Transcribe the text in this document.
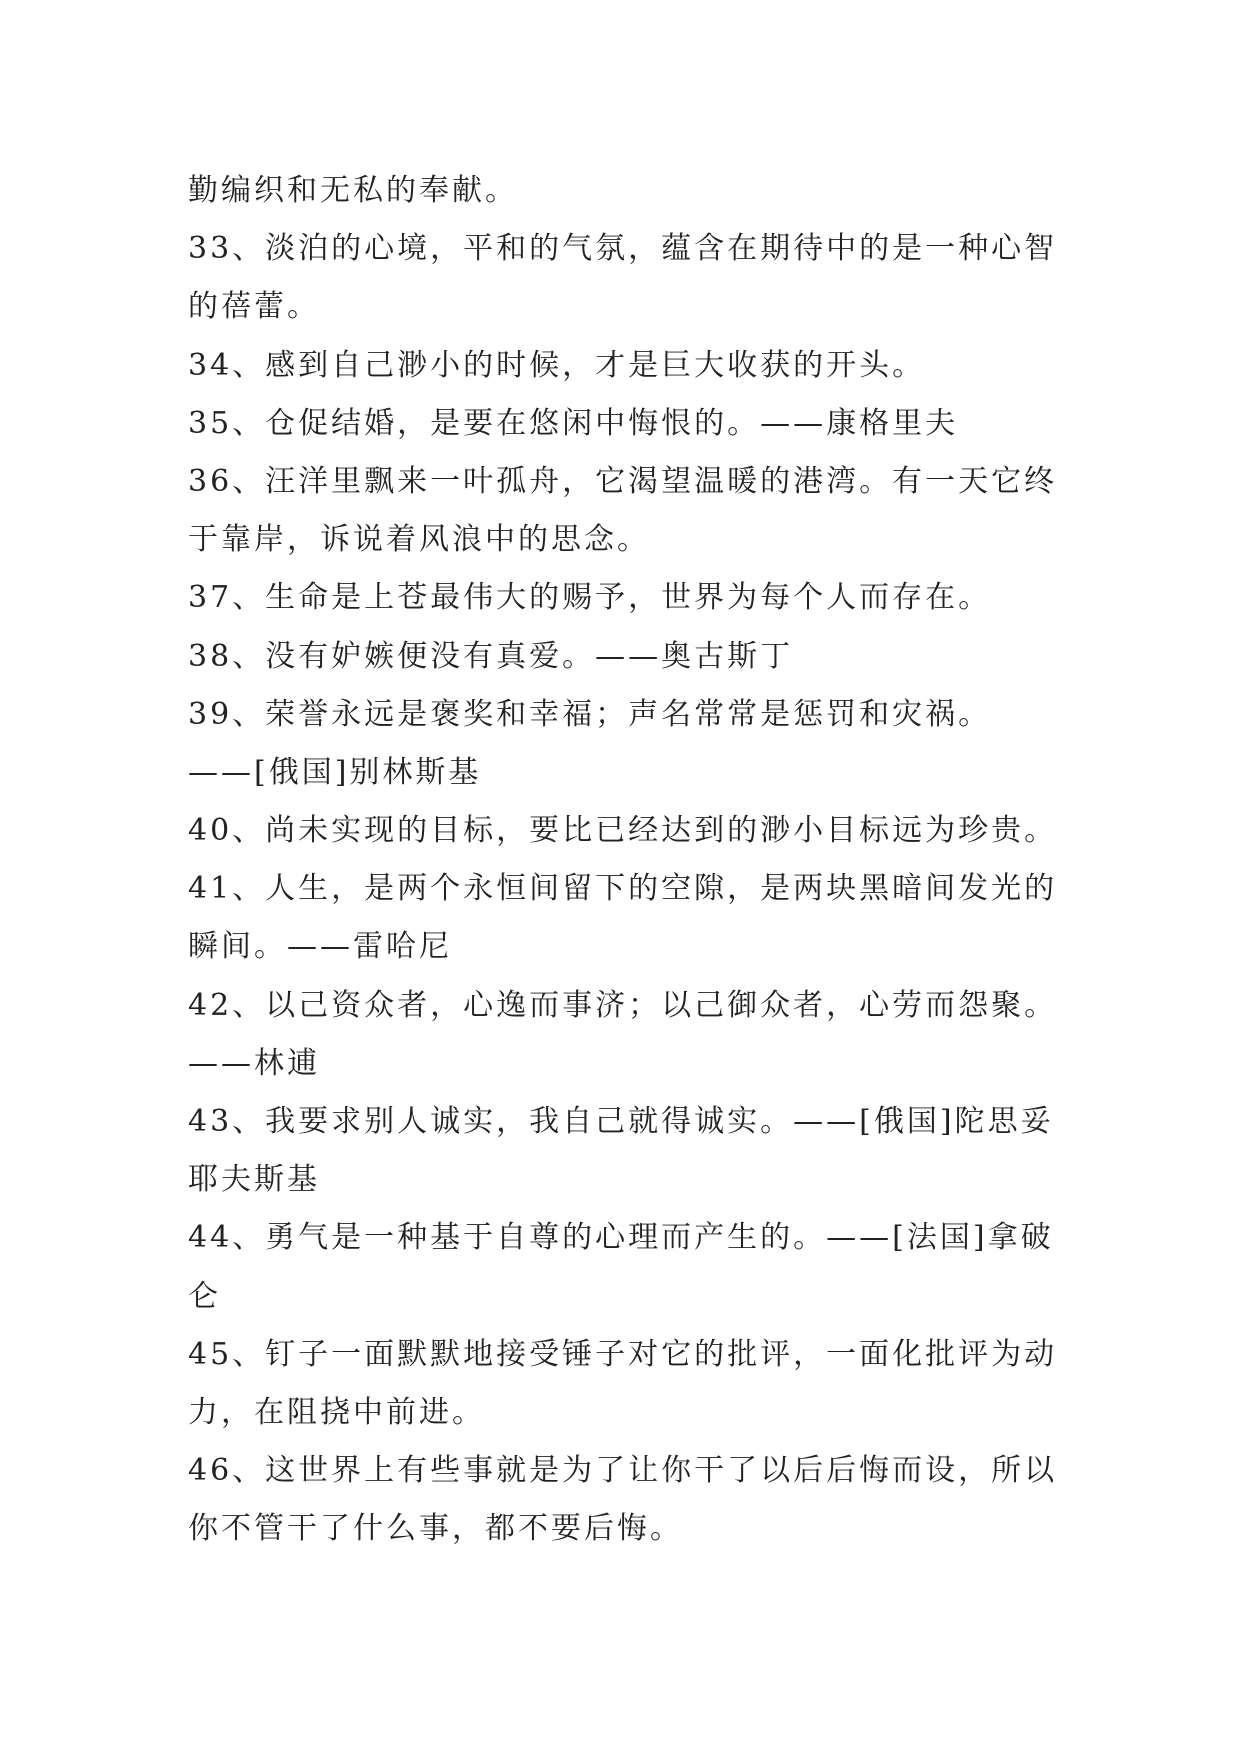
勤编织和无私的奉献。
33、淡泊的心境，平和的气氛，蕴含在期待中的是一种心智
的蓓蕾。
34、感到自己渺小的时候，才是巨大收获的开头。
35、仓促结婚，是要在悠闲中悔恨的。——康格里夫
36、汪洋里飘来一叶孤舟，它渴望温暖的港湾。有一天它终
于靠岸，诉说着风浪中的思念。
37、生命是上苍最伟大的赐予，世界为每个人而存在。
38、没有妒嫉便没有真爱。——奥古斯丁
39、荣誉永远是褒奖和幸福；声名常常是惩罚和灾祸。
——[俄国]别林斯基
40、尚未实现的目标，要比已经达到的渺小目标远为珍贵。
41、人生，是两个永恒间留下的空隙，是两块黑暗间发光的
瞬间。——雷哈尼
42、以己资众者，心逸而事济；以己御众者，心劳而怨聚。
——林逋
43、我要求别人诚实，我自己就得诚实。——[俄国]陀思妥
耶夫斯基
44、勇气是一种基于自尊的心理而产生的。——[法国]拿破
仑
45、钉子一面默默地接受锤子对它的批评，一面化批评为动
力，在阻挠中前进。
46、这世界上有些事就是为了让你干了以后后悔而设，所以
你不管干了什么事，都不要后悔。
